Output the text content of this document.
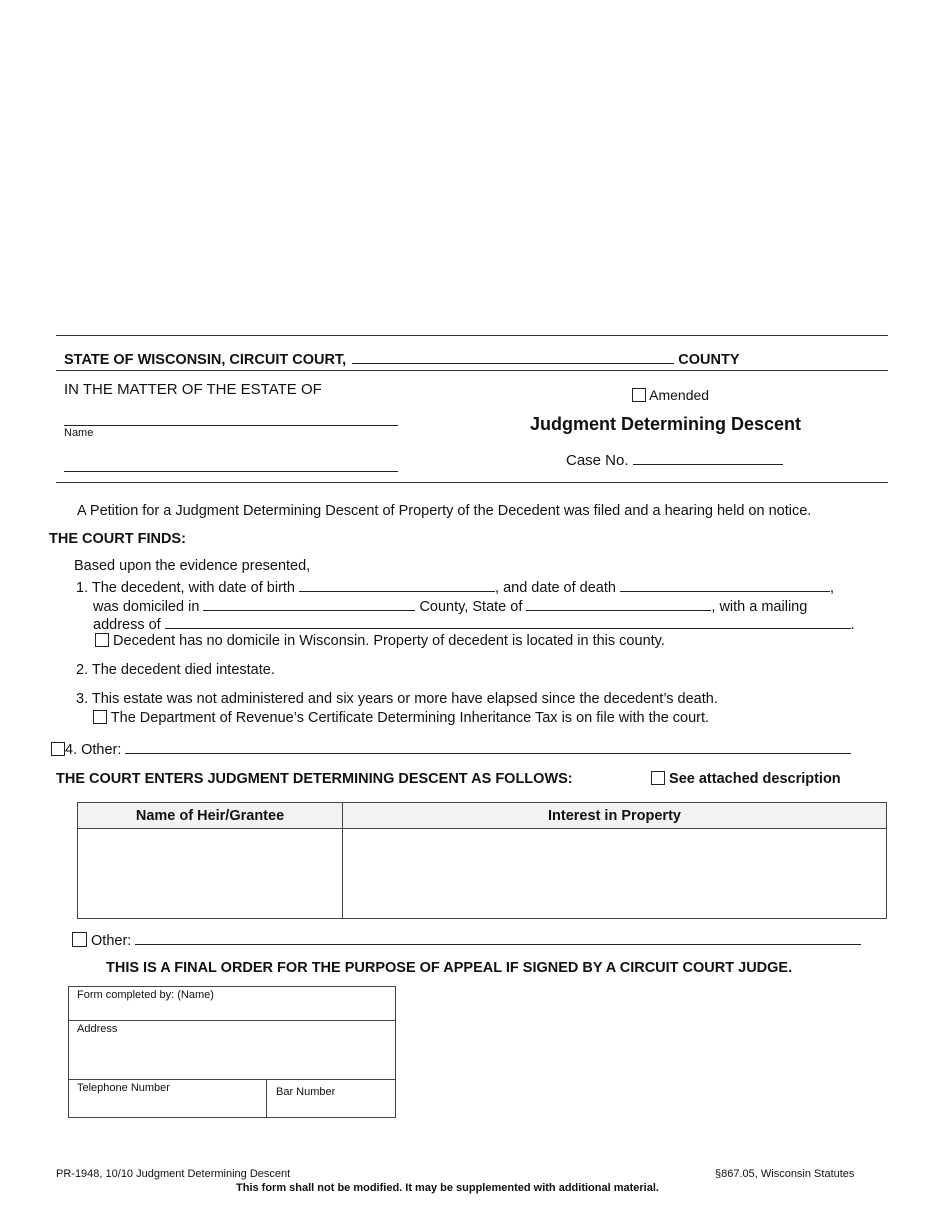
STATE OF WISCONSIN, CIRCUIT COURT,	COUNTY
IN THE MATTER OF THE ESTATE OF
Name
Amended
Judgment Determining Descent
Case No.
A Petition for a Judgment Determining Descent of Property of the Decedent was filed and a hearing held on notice.
THE COURT FINDS:
Based upon the evidence presented,
1. The decedent, with date of birth	, and date of death	,
was domiciled in	County, State of	, with a mailing
address of	.
Decedent has no domicile in Wisconsin. Property of decedent is located in this county.
2. The decedent died intestate.
3. This estate was not administered and six years or more have elapsed since the decedent’s death.
The Department of Revenue’s Certificate Determining Inheritance Tax is on file with the court.
4. Other:
THE COURT ENTERS JUDGMENT DETERMINING DESCENT AS FOLLOWS:	See attached description
Name of Heir/Grantee	Interest in Property

Other:
THIS IS A FINAL ORDER FOR THE PURPOSE OF APPEAL IF SIGNED BY A CIRCUIT COURT JUDGE.
Form completed by: (Name)
Address
Telephone Number	Bar Number
PR-1948, 10/10 Judgment Determining Descent	§867.05, Wisconsin Statutes
This form shall not be modified. It may be supplemented with additional material.
